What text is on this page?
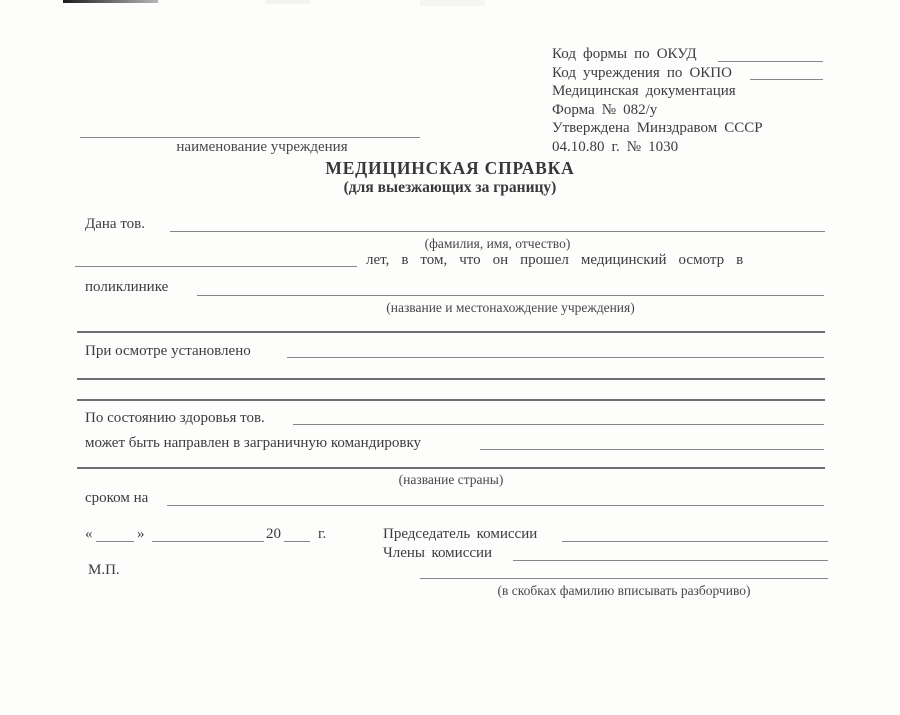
Код формы по ОКУД
Код учреждения по ОКПО
Медицинская документация
Форма № 082/у
Утверждена Минздравом СССР
04.10.80 г. № 1030
наименование учреждения
МЕДИЦИНСКАЯ СПРАВКА
(для выезжающих за границу)
Дана тов.
(фамилия, имя, отчество)
лет, в том, что он прошел медицинский осмотр в
поликлинике
(название и местонахождение учреждения)
При осмотре установлено
По состоянию здоровья тов.
может быть направлен в заграничную командировку
(название страны)
сроком на
«	»	20 г.	Председатель комиссии
Члены комиссии
М.П.
(в скобках фамилию вписывать разборчиво)
